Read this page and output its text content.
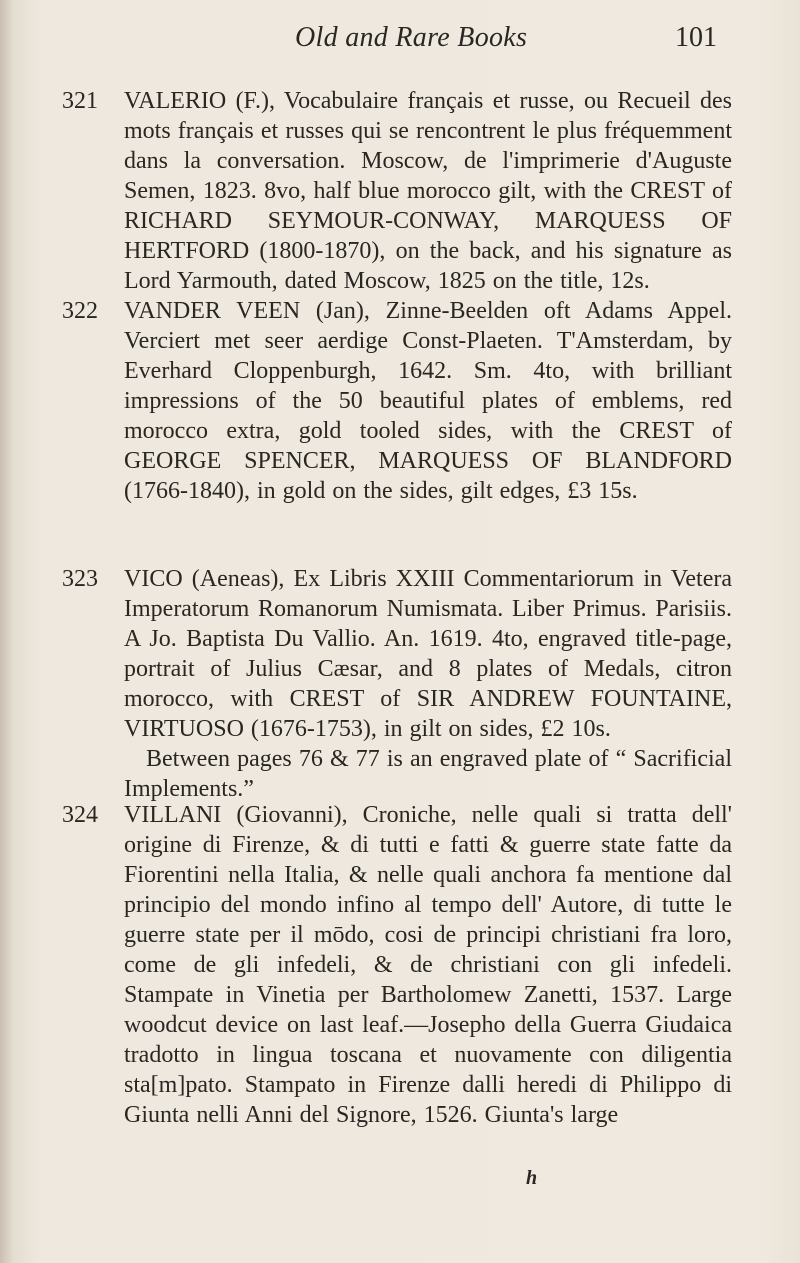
Old and Rare Books	101
321	VALERIO (F.), Vocabulaire français et russe, ou Recueil des mots français et russes qui se rencontrent le plus fréquemment dans la conversation. Moscow, de l'imprimerie d'Auguste Semen, 1823. 8vo, half blue morocco gilt, with the CREST of RICHARD SEYMOUR-CONWAY, MARQUESS OF HERTFORD (1800-1870), on the back, and his signature as Lord Yarmouth, dated Moscow, 1825 on the title, 12s.
322	VANDER VEEN (Jan), Zinne-Beelden oft Adams Appel. Verciert met seer aerdige Const-Plaeten. T'Amsterdam, by Everhard Cloppenburgh, 1642. Sm. 4to, with brilliant impressions of the 50 beautiful plates of emblems, red morocco extra, gold tooled sides, with the CREST of GEORGE SPENCER, MARQUESS OF BLANDFORD (1766-1840), in gold on the sides, gilt edges, £3 15s.
323	VICO (Aeneas), Ex Libris XXIII Commentariorum in Vetera Imperatorum Romanorum Numismata. Liber Primus. Parisiis. A Jo. Baptista Du Vallio. An. 1619. 4to, engraved title-page, portrait of Julius Cæsar, and 8 plates of Medals, citron morocco, with CREST of SIR ANDREW FOUNTAINE, VIRTUOSO (1676-1753), in gilt on sides, £2 10s.
Between pages 76 & 77 is an engraved plate of “ Sacrificial Implements.”
324	VILLANI (Giovanni), Croniche, nelle quali si tratta dell' origine di Firenze, & di tutti e fatti & guerre state fatte da Fiorentini nella Italia, & nelle quali anchora fa mentione dal principio del mondo infino al tempo dell' Autore, di tutte le guerre state per il mōdo, cosi de principi christiani fra loro, come de gli infedeli, & de christiani con gli infedeli. Stampate in Vinetia per Bartholomew Zanetti, 1537. Large woodcut device on last leaf.—Josepho della Guerra Giudaica tradotto in lingua toscana et nuovamente con diligentia sta[m]pato. Stampato in Firenze dalli heredi di Philippo di Giunta nelli Anni del Signore, 1526. Giunta's large
h
